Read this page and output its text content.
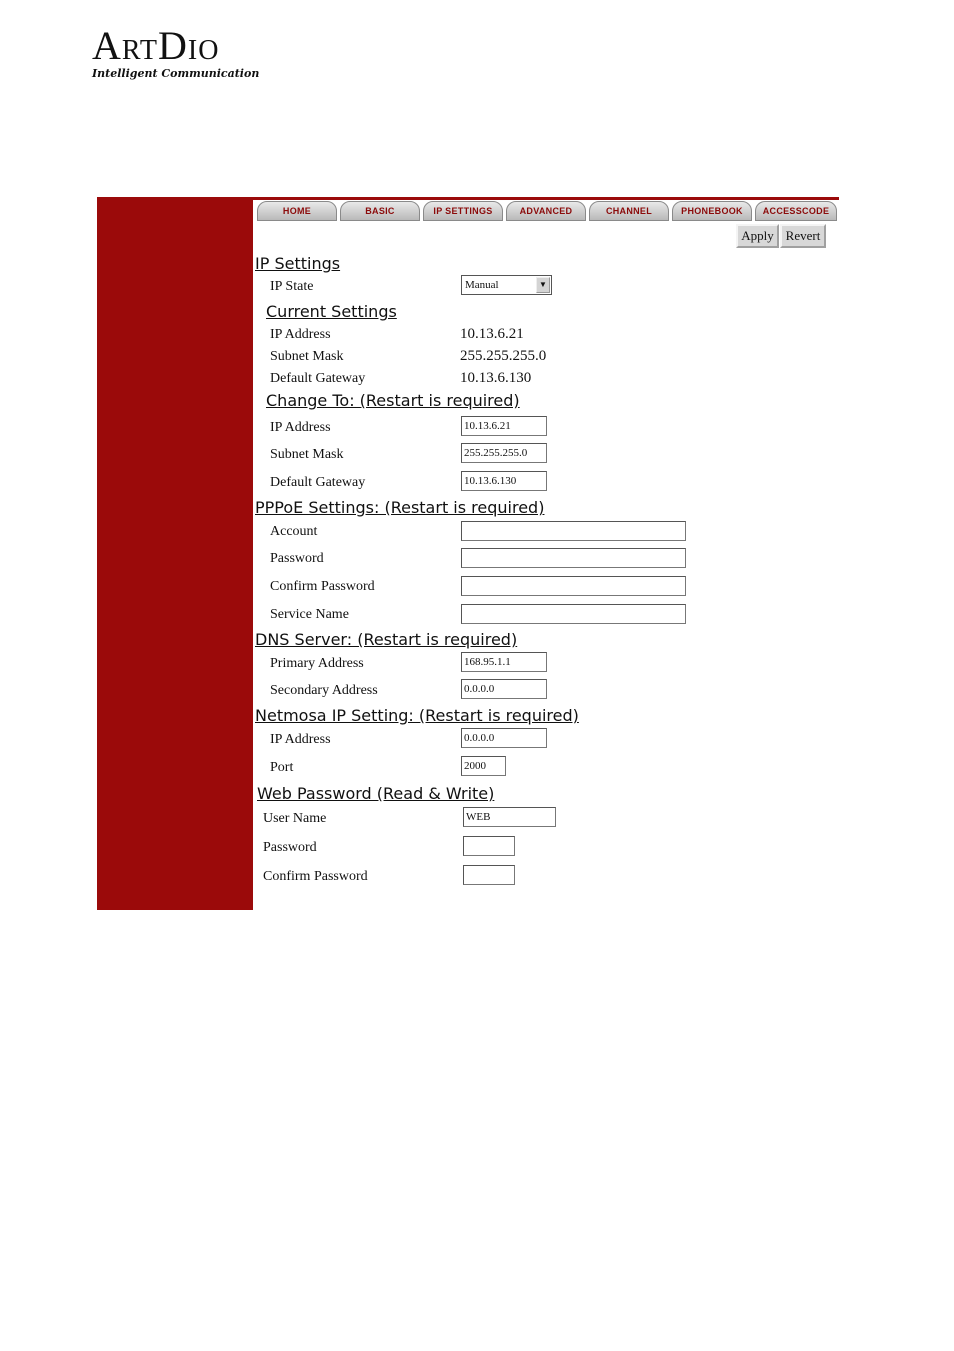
ArtDio
Intelligent Communication
HOME	BASIC	IP SETTINGS	ADVANCED	CHANNEL	PHONEBOOK	ACCESSCODE
Apply Revert
IP Settings
IP State	Manual	▼
Current Settings
IP Address	10.13.6.21
Subnet Mask	255.255.255.0
Default Gateway	10.13.6.130
Change To: (Restart is required)
IP Address	10.13.6.21
Subnet Mask	255.255.255.0
Default Gateway	10.13.6.130
PPPoE Settings: (Restart is required)
Account
Password
Confirm Password
Service Name
DNS Server: (Restart is required)
Primary Address	168.95.1.1
Secondary Address	0.0.0.0
Netmosa IP Setting: (Restart is required)
IP Address	0.0.0.0
Port	2000
Web Password (Read & Write)
User Name	WEB
Password
Confirm Password
